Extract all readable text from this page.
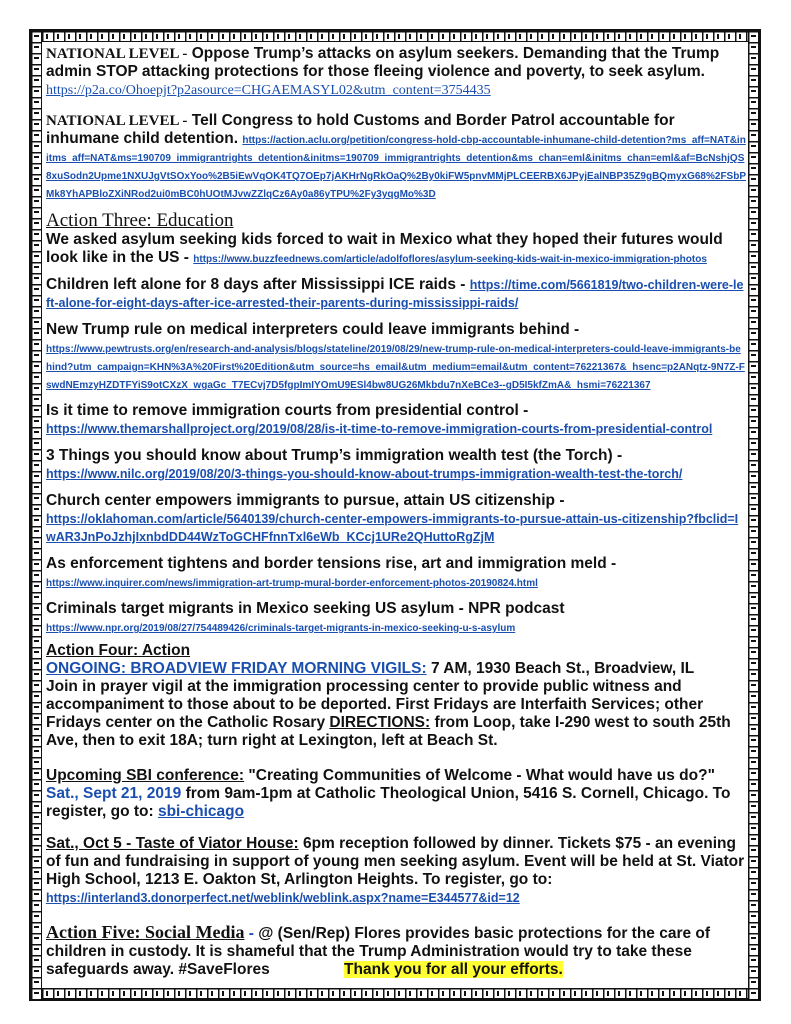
NATIONAL LEVEL - Oppose Trump’s attacks on asylum seekers. Demanding that the Trump admin STOP attacking protections for those fleeing violence and poverty, to seek asylum.
https://p2a.co/Ohoepjt?p2asource=CHGAEMASYL02&utm_content=3754435
NATIONAL LEVEL - Tell Congress to hold Customs and Border Patrol accountable for inhumane child detention. https://action.aclu.org/petition/congress-hold-cbp-accountable-inhumane-child-detention?ms_aff=NAT&initms_aff=NAT&ms=190709_immigrantrights_detention&initms=190709_immigrantrights_detention&ms_chan=eml&initms_chan=eml&af=BcNshjQS8xuSodn2Upme1NXUJgVtSOxYoo%2B5iEwVqOK4TQ7OEp7jAKHrNgRkOaQ%2By0kiFW5pnvMMjPLCEERBX6JPyjEalNBP35Z9gBQmyxG68%2FSbPMk8YhAPBloZXiNRod2ui0mBC0hUOtMJvwZZlqCz6Ay0a86yTPU%2Fy3yqgMo%3D
Action Three: Education
We asked asylum seeking kids forced to wait in Mexico what they hoped their futures would look like in the US - https://www.buzzfeednews.com/article/adolfoflores/asylum-seeking-kids-wait-in-mexico-immigration-photos
Children left alone for 8 days after Mississippi ICE raids - https://time.com/5661819/two-children-were-left-alone-for-eight-days-after-ice-arrested-their-parents-during-mississippi-raids/
New Trump rule on medical interpreters could leave immigrants behind -
https://www.pewtrusts.org/en/research-and-analysis/blogs/stateline/2019/08/29/new-trump-rule-on-medical-interpreters-could-leave-immigrants-behind?utm_campaign=KHN%3A%20First%20Edition&utm_source=hs_email&utm_medium=email&utm_content=76221367&_hsenc=p2ANqtz-9N7Z-FswdNEmzyHZDTFYiS9otCXzX_wgaGc_T7ECvj7D5fgpImIYOmU9ESl4bw8UG26Mkbdu7nXeBCe3--gD5I5kfZmA&_hsmi=76221367
Is it time to remove immigration courts from presidential control -
https://www.themarshallproject.org/2019/08/28/is-it-time-to-remove-immigration-courts-from-presidential-control
3 Things you should know about Trump’s immigration wealth test (the Torch) -
https://www.nilc.org/2019/08/20/3-things-you-should-know-about-trumps-immigration-wealth-test-the-torch/
Church center empowers immigrants to pursue, attain US citizenship -
https://oklahoman.com/article/5640139/church-center-empowers-immigrants-to-pursue-attain-us-citizenship?fbclid=IwAR3JnPoJzhjIxnbdDD44WzToGCHFfnnTxl6eWb_KCcj1URe2QHuttoRgZjM
As enforcement tightens and border tensions rise, art and immigration meld -
https://www.inquirer.com/news/immigration-art-trump-mural-border-enforcement-photos-20190824.html
Criminals target migrants in Mexico seeking US asylum - NPR podcast
https://www.npr.org/2019/08/27/754489426/criminals-target-migrants-in-mexico-seeking-u-s-asylum
Action Four: Action
ONGOING: BROADVIEW FRIDAY MORNING VIGILS: 7 AM, 1930 Beach St., Broadview, IL
Join in prayer vigil at the immigration processing center to provide public witness and accompaniment to those about to be deported. First Fridays are Interfaith Services; other Fridays center on the Catholic Rosary DIRECTIONS: from Loop, take I-290 west to south 25th Ave, then to exit 18A; turn right at Lexington, left at Beach St.
Upcoming SBI conference: "Creating Communities of Welcome - What would have us do?"
Sat., Sept 21, 2019 from 9am-1pm at Catholic Theological Union, 5416 S. Cornell, Chicago. To register, go to: sbi-chicago
Sat., Oct 5 - Taste of Viator House: 6pm reception followed by dinner. Tickets $75 - an evening of fun and fundraising in support of young men seeking asylum. Event will be held at St. Viator High School, 1213 E. Oakton St, Arlington Heights. To register, go to:
https://interland3.donorperfect.net/weblink/weblink.aspx?name=E344577&id=12
Action Five: Social Media - @ (Sen/Rep) Flores provides basic protections for the care of children in custody. It is shameful that the Trump Administration would try to take these safeguards away. #SaveFlores	Thank you for all your efforts.
